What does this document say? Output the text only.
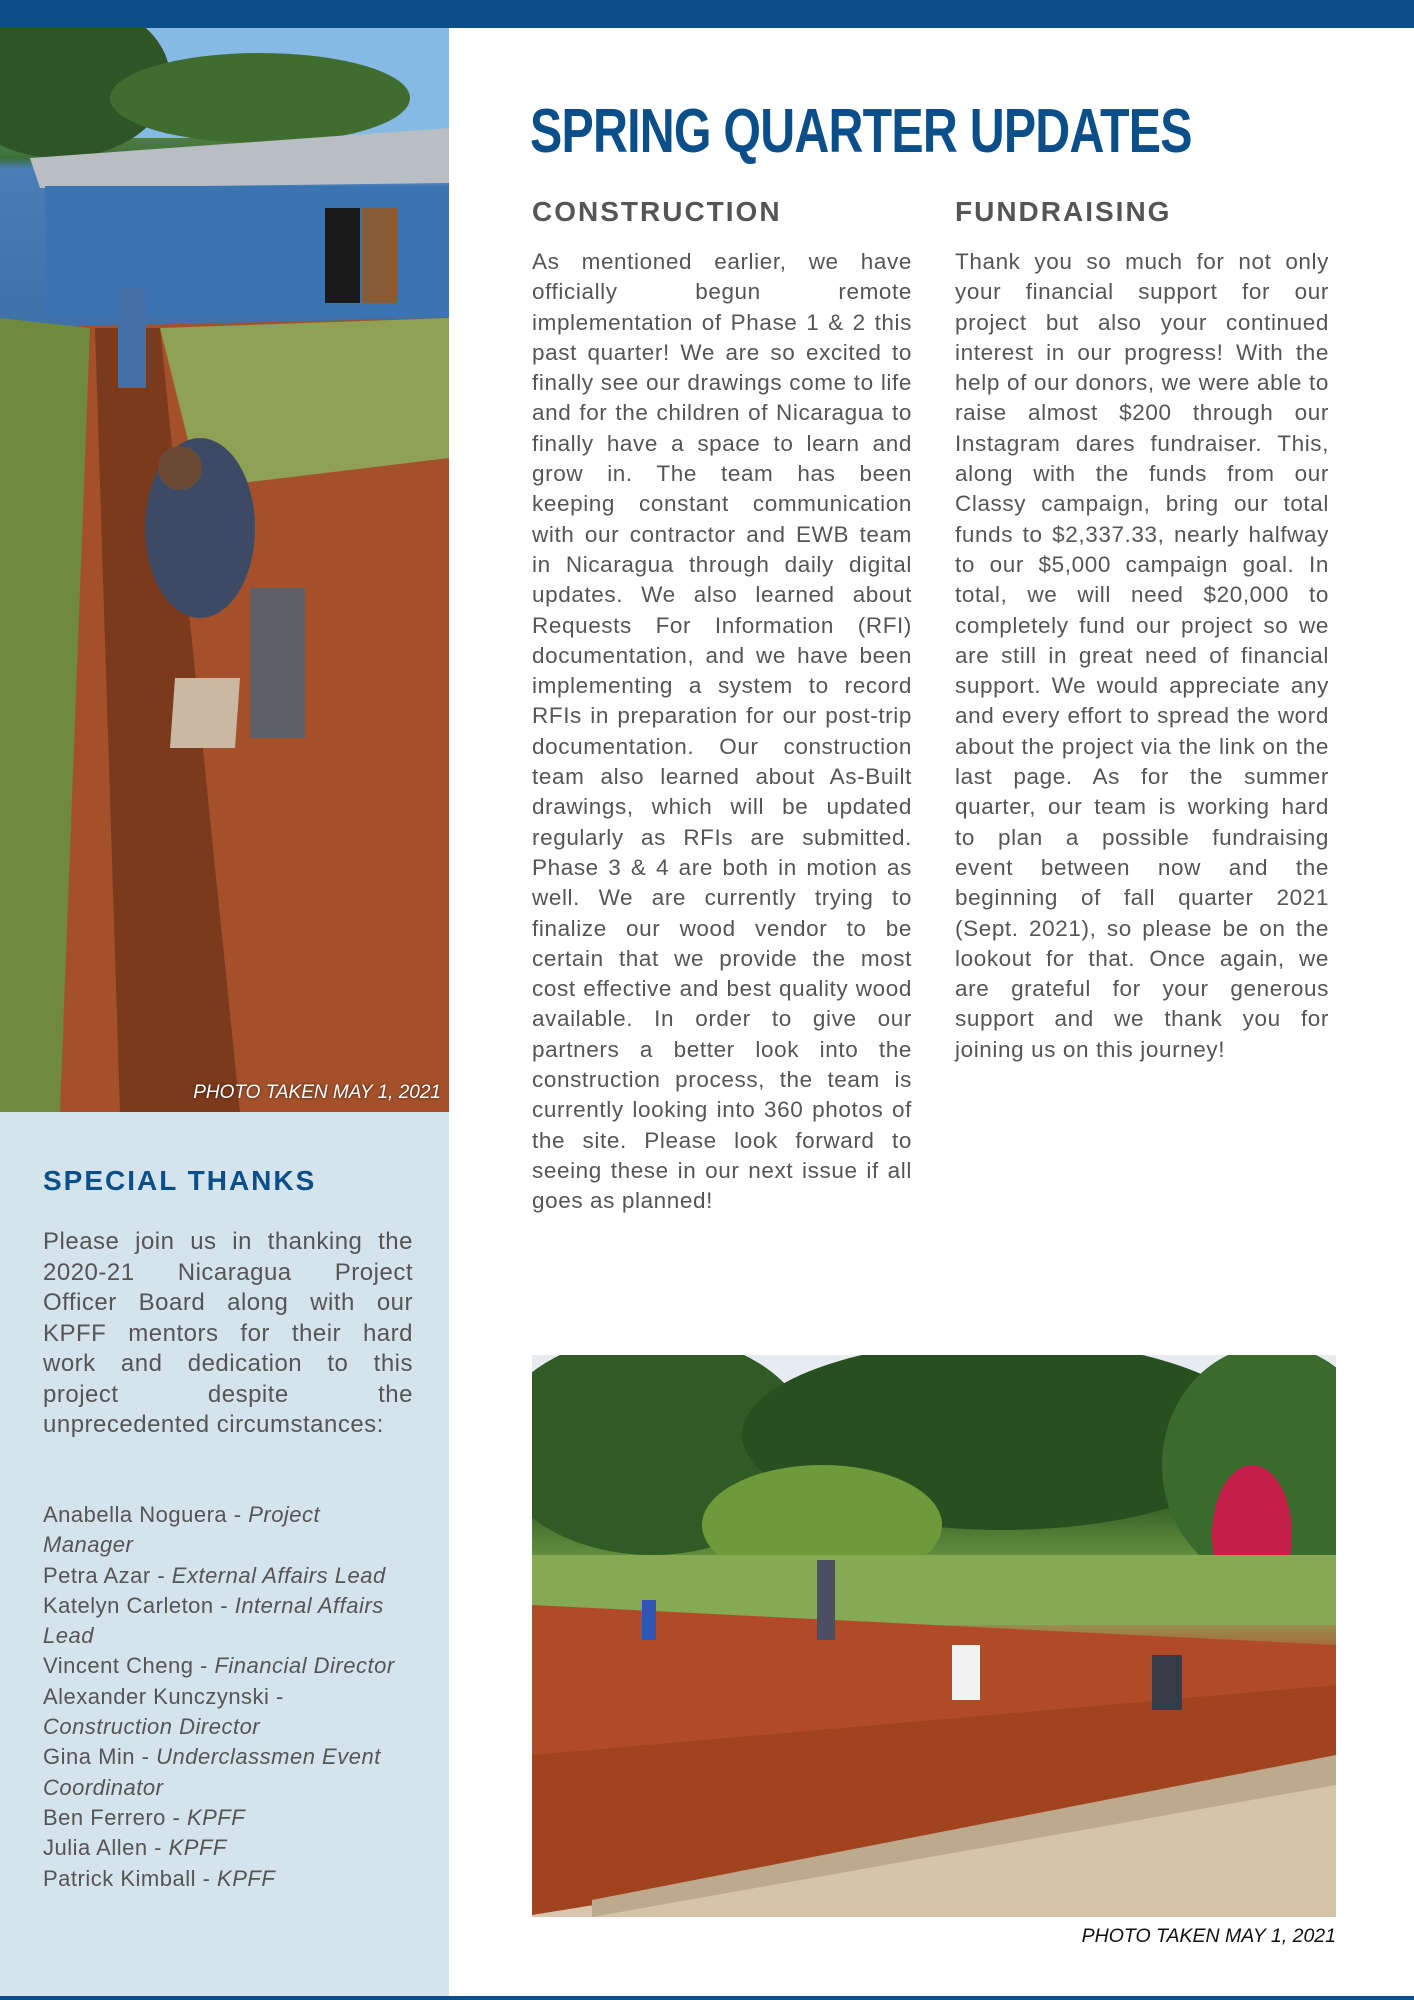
PHOTO TAKEN MAY 1, 2021
SPECIAL THANKS

Please join us in thanking the 2020-21 Nicaragua Project Officer Board along with our KPFF mentors for their hard work and dedication to this project despite the unprecedented circumstances:

Anabella Noguera - Project Manager
Petra Azar - External Affairs Lead
Katelyn Carleton - Internal Affairs Lead
Vincent Cheng - Financial Director
Alexander Kunczynski - Construction Director
Gina Min - Underclassmen Event Coordinator
Ben Ferrero - KPFF
Julia Allen - KPFF
Patrick Kimball - KPFF
SPRING QUARTER UPDATES
CONSTRUCTION

As mentioned earlier, we have officially begun remote implementation of Phase 1 & 2 this past quarter! We are so excited to finally see our drawings come to life and for the children of Nicaragua to finally have a space to learn and grow in. The team has been keeping constant communication with our contractor and EWB team in Nicaragua through daily digital updates. We also learned about Requests For Information (RFI) documentation, and we have been implementing a system to record RFIs in preparation for our post-trip documentation. Our construction team also learned about As-Built drawings, which will be updated regularly as RFIs are submitted. Phase 3 & 4 are both in motion as well. We are currently trying to finalize our wood vendor to be certain that we provide the most cost effective and best quality wood available. In order to give our partners a better look into the construction process, the team is currently looking into 360 photos of the site. Please look forward to seeing these in our next issue if all goes as planned!

FUNDRAISING

Thank you so much for not only your financial support for our project but also your continued interest in our progress! With the help of our donors, we were able to raise almost $200 through our Instagram dares fundraiser. This, along with the funds from our Classy campaign, bring our total funds to $2,337.33, nearly halfway to our $5,000 campaign goal. In total, we will need $20,000 to completely fund our project so we are still in great need of financial support. We would appreciate any and every effort to spread the word about the project via the link on the last page. As for the summer quarter, our team is working hard to plan a possible fundraising event between now and the beginning of fall quarter 2021 (Sept. 2021), so please be on the lookout for that. Once again, we are grateful for your generous support and we thank you for joining us on this journey!

PHOTO TAKEN MAY 1, 2021
